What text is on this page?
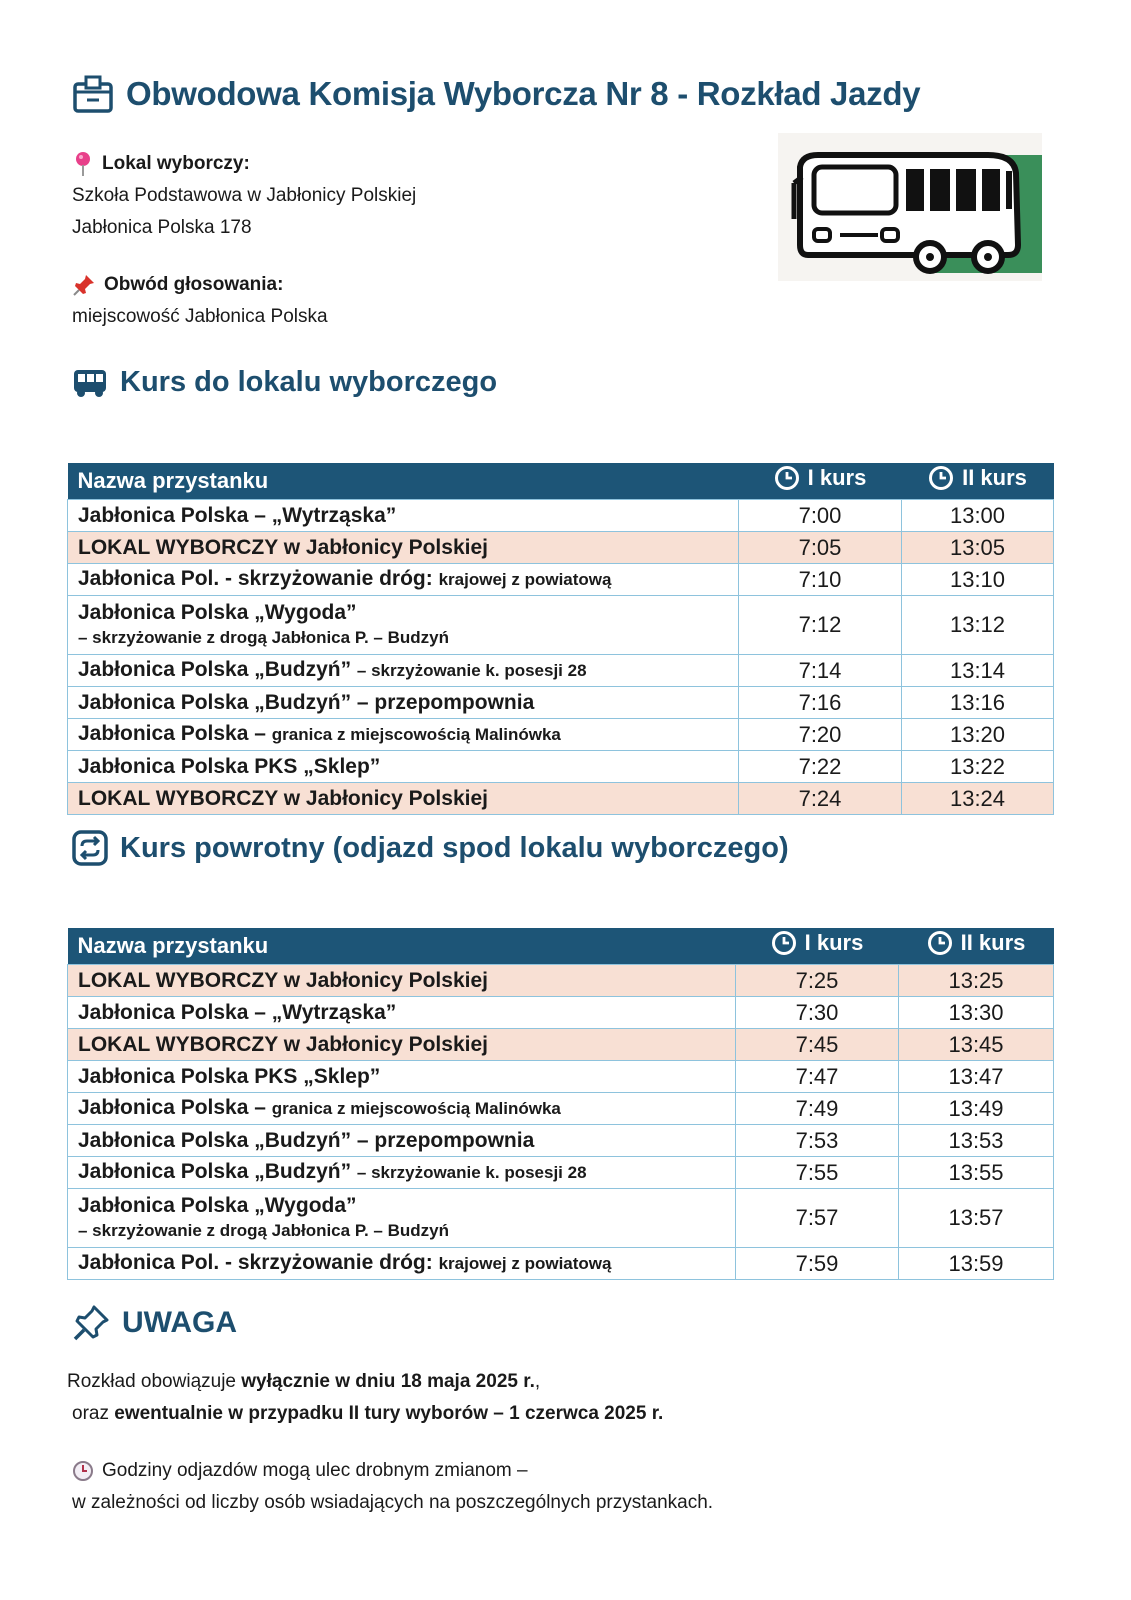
Obwodowa Komisja Wyborcza Nr 8 - Rozkład Jazdy
Lokal wyborczy:
Szkoła Podstawowa w Jabłonicy Polskiej
Jabłonica Polska 178
Obwód głosowania:
miejscowość Jabłonica Polska
Kurs do lokalu wyborczego
Nazwa przystanku	I kurs	II kurs

Jabłonica Polska – „Wytrząska”	7:00	13:00
LOKAL WYBORCZY w Jabłonicy Polskiej	7:05	13:05
Jabłonica Pol. - skrzyżowanie dróg: krajowej z powiatową	7:10	13:10
Jabłonica Polska „Wygoda”
– skrzyżowanie z drogą Jabłonica P. – Budzyń	7:12	13:12
Jabłonica Polska „Budzyń” – skrzyżowanie k. posesji 28	7:14	13:14
Jabłonica Polska „Budzyń” – przepompownia	7:16	13:16
Jabłonica Polska – granica z miejscowością Malinówka	7:20	13:20
Jabłonica Polska PKS „Sklep”	7:22	13:22
LOKAL WYBORCZY w Jabłonicy Polskiej	7:24	13:24
Kurs powrotny (odjazd spod lokalu wyborczego)
Nazwa przystanku	I kurs	II kurs

LOKAL WYBORCZY w Jabłonicy Polskiej	7:25	13:25
Jabłonica Polska – „Wytrząska”	7:30	13:30
LOKAL WYBORCZY w Jabłonicy Polskiej	7:45	13:45
Jabłonica Polska PKS „Sklep”	7:47	13:47
Jabłonica Polska – granica z miejscowością Malinówka	7:49	13:49
Jabłonica Polska „Budzyń” – przepompownia	7:53	13:53
Jabłonica Polska „Budzyń” – skrzyżowanie k. posesji 28	7:55	13:55
Jabłonica Polska „Wygoda”
– skrzyżowanie z drogą Jabłonica P. – Budzyń	7:57	13:57
Jabłonica Pol. - skrzyżowanie dróg: krajowej z powiatową	7:59	13:59
UWAGA
Rozkład obowiązuje wyłącznie w dniu 18 maja 2025 r.,
oraz ewentualnie w przypadku II tury wyborów – 1 czerwca 2025 r.
Godziny odjazdów mogą ulec drobnym zmianom –
w zależności od liczby osób wsiadających na poszczególnych przystankach.
